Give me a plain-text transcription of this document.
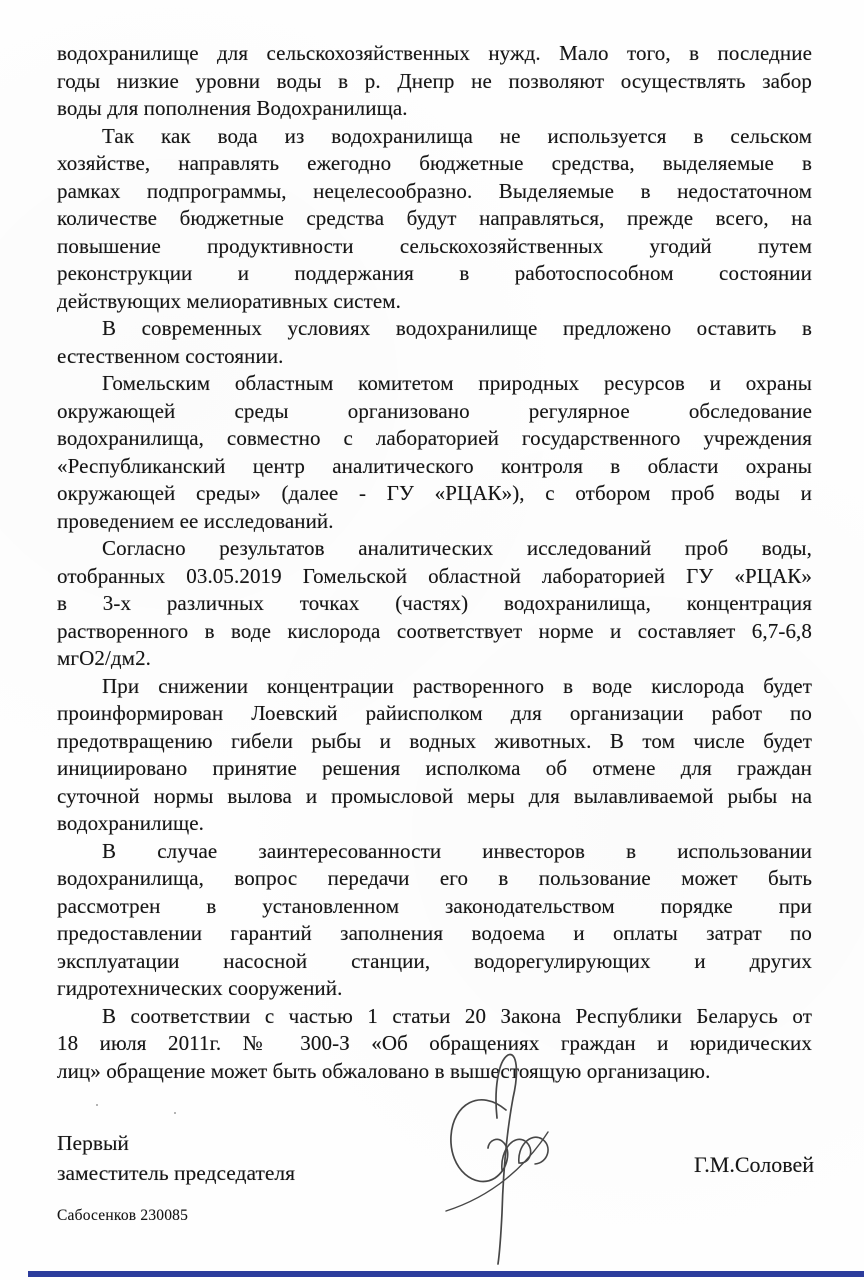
водохранилище для сельскохозяйственных нужд. Мало того, в последние
годы низкие уровни воды в р. Днепр не позволяют осуществлять забор
воды для пополнения Водохранилища.

Так как вода из водохранилища не используется в сельском
хозяйстве, направлять ежегодно бюджетные средства, выделяемые в
рамках подпрограммы, нецелесообразно. Выделяемые в недостаточном
количестве бюджетные средства будут направляться, прежде всего, на
повышение продуктивности сельскохозяйственных угодий путем
реконструкции и поддержания в работоспособном состоянии
действующих мелиоративных систем.

В современных условиях водохранилище предложено оставить в
естественном состоянии.

Гомельским областным комитетом природных ресурсов и охраны
окружающей среды организовано регулярное обследование
водохранилища, совместно с лабораторией государственного учреждения
«Республиканский центр аналитического контроля в области охраны
окружающей среды» (далее - ГУ «РЦАК»), с отбором проб воды и
проведением ее исследований.

Согласно результатов аналитических исследований проб воды,
отобранных 03.05.2019 Гомельской областной лабораторией ГУ «РЦАК»
в 3-х различных точках (частях) водохранилища, концентрация
растворенного в воде кислорода соответствует норме и составляет 6,7-6,8
мгО2/дм2.

При снижении концентрации растворенного в воде кислорода будет
проинформирован Лоевский райисполком для организации работ по
предотвращению гибели рыбы и водных животных. В том числе будет
инициировано принятие решения исполкома об отмене для граждан
суточной нормы вылова и промысловой меры для вылавливаемой рыбы на
водохранилище.

В случае заинтересованности инвесторов в использовании
водохранилища, вопрос передачи его в пользование может быть
рассмотрен в установленном законодательством порядке при
предоставлении гарантий заполнения водоема и оплаты затрат по
эксплуатации насосной станции, водорегулирующих и других
гидротехнических сооружений.

В соответствии с частью 1 статьи 20 Закона Республики Беларусь от
18 июля 2011г. № 300-З «Об обращениях граждан и юридических
лиц» обращение может быть обжаловано в вышестоящую организацию.

Первый
заместитель председателя	Г.М.Соловей
Сабосенков 230085
